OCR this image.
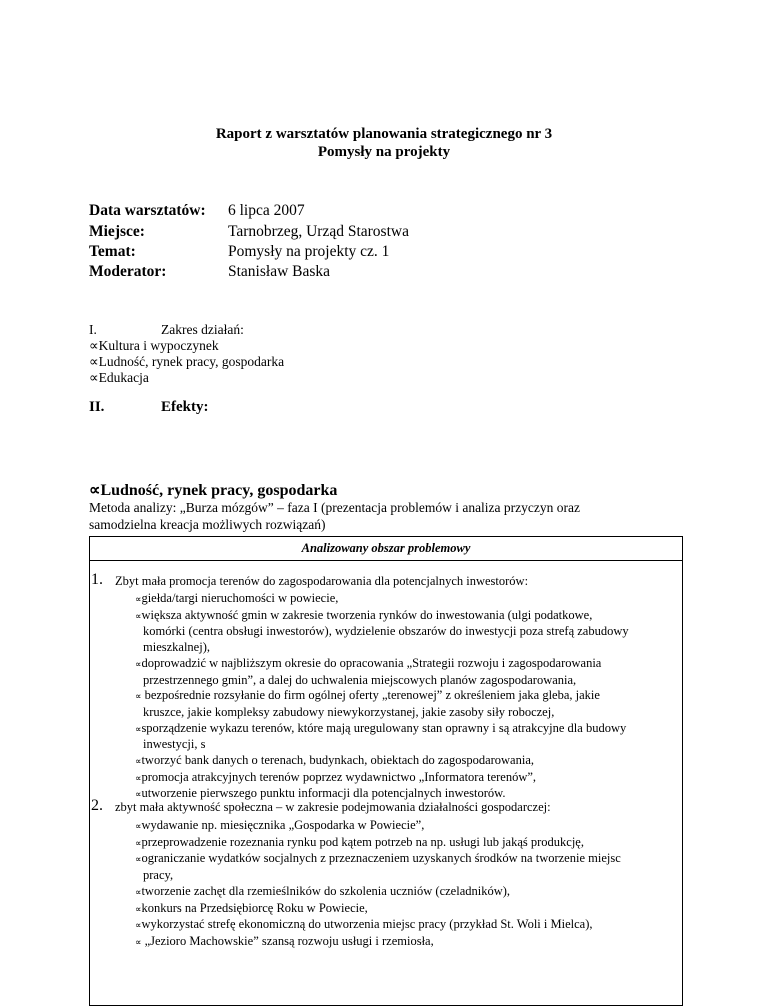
Raport z warsztatów planowania strategicznego nr 3
Pomysły na projekty
Data warsztatów: 6 lipca 2007
Miejsce:	Tarnobrzeg, Urząd Starostwa
Temat:	Pomysły na projekty cz. 1
Moderator:	Stanisław Baska
I.	Zakres działań:
∝Kultura i wypoczynek
∝Ludność, rynek pracy, gospodarka
∝Edukacja
II.	Efekty:
∝Ludność, rynek pracy, gospodarka
Metoda analizy: „Burza mózgów” – faza I (prezentacja problemów i analiza przyczyn oraz
samodzielna kreacja możliwych rozwiązań)
Analizowany obszar problemowy
1. Zbyt mała promocja terenów do zagospodarowania dla potencjalnych inwestorów:
∝giełda/targi nieruchomości w powiecie,
∝większa aktywność gmin w zakresie tworzenia rynków do inwestowania (ulgi podatkowe,
komórki (centra obsługi inwestorów), wydzielenie obszarów do inwestycji poza strefą zabudowy
mieszkalnej),
∝doprowadzić w najbliższym okresie do opracowania „Strategii rozwoju i zagospodarowania
przestrzennego gmin”, a dalej do uchwalenia miejscowych planów zagospodarowania,
∝ bezpośrednie rozsyłanie do firm ogólnej oferty „terenowej” z określeniem jaka gleba, jakie
kruszce, jakie kompleksy zabudowy niewykorzystanej, jakie zasoby siły roboczej,
∝sporządzenie wykazu terenów, które mają uregulowany stan oprawny i są atrakcyjne dla budowy
inwestycji, s
∝tworzyć bank danych o terenach, budynkach, obiektach do zagospodarowania,
∝promocja atrakcyjnych terenów poprzez wydawnictwo „Informatora terenów”,
∝utworzenie pierwszego punktu informacji dla potencjalnych inwestorów.
2. zbyt mała aktywność społeczna – w zakresie podejmowania działalności gospodarczej:
∝wydawanie np. miesięcznika „Gospodarka w Powiecie”,
∝przeprowadzenie rozeznania rynku pod kątem potrzeb na np. usługi lub jakąś produkcję,
∝ograniczanie wydatków socjalnych z przeznaczeniem uzyskanych środków na tworzenie miejsc
pracy,
∝tworzenie zachęt dla rzemieślników do szkolenia uczniów (czeladników),
∝konkurs na Przedsiębiorcę Roku w Powiecie,
∝wykorzystać strefę ekonomiczną do utworzenia miejsc pracy (przykład St. Woli i Mielca),
∝ „Jezioro Machowskie” szansą rozwoju usługi i rzemiosła,
